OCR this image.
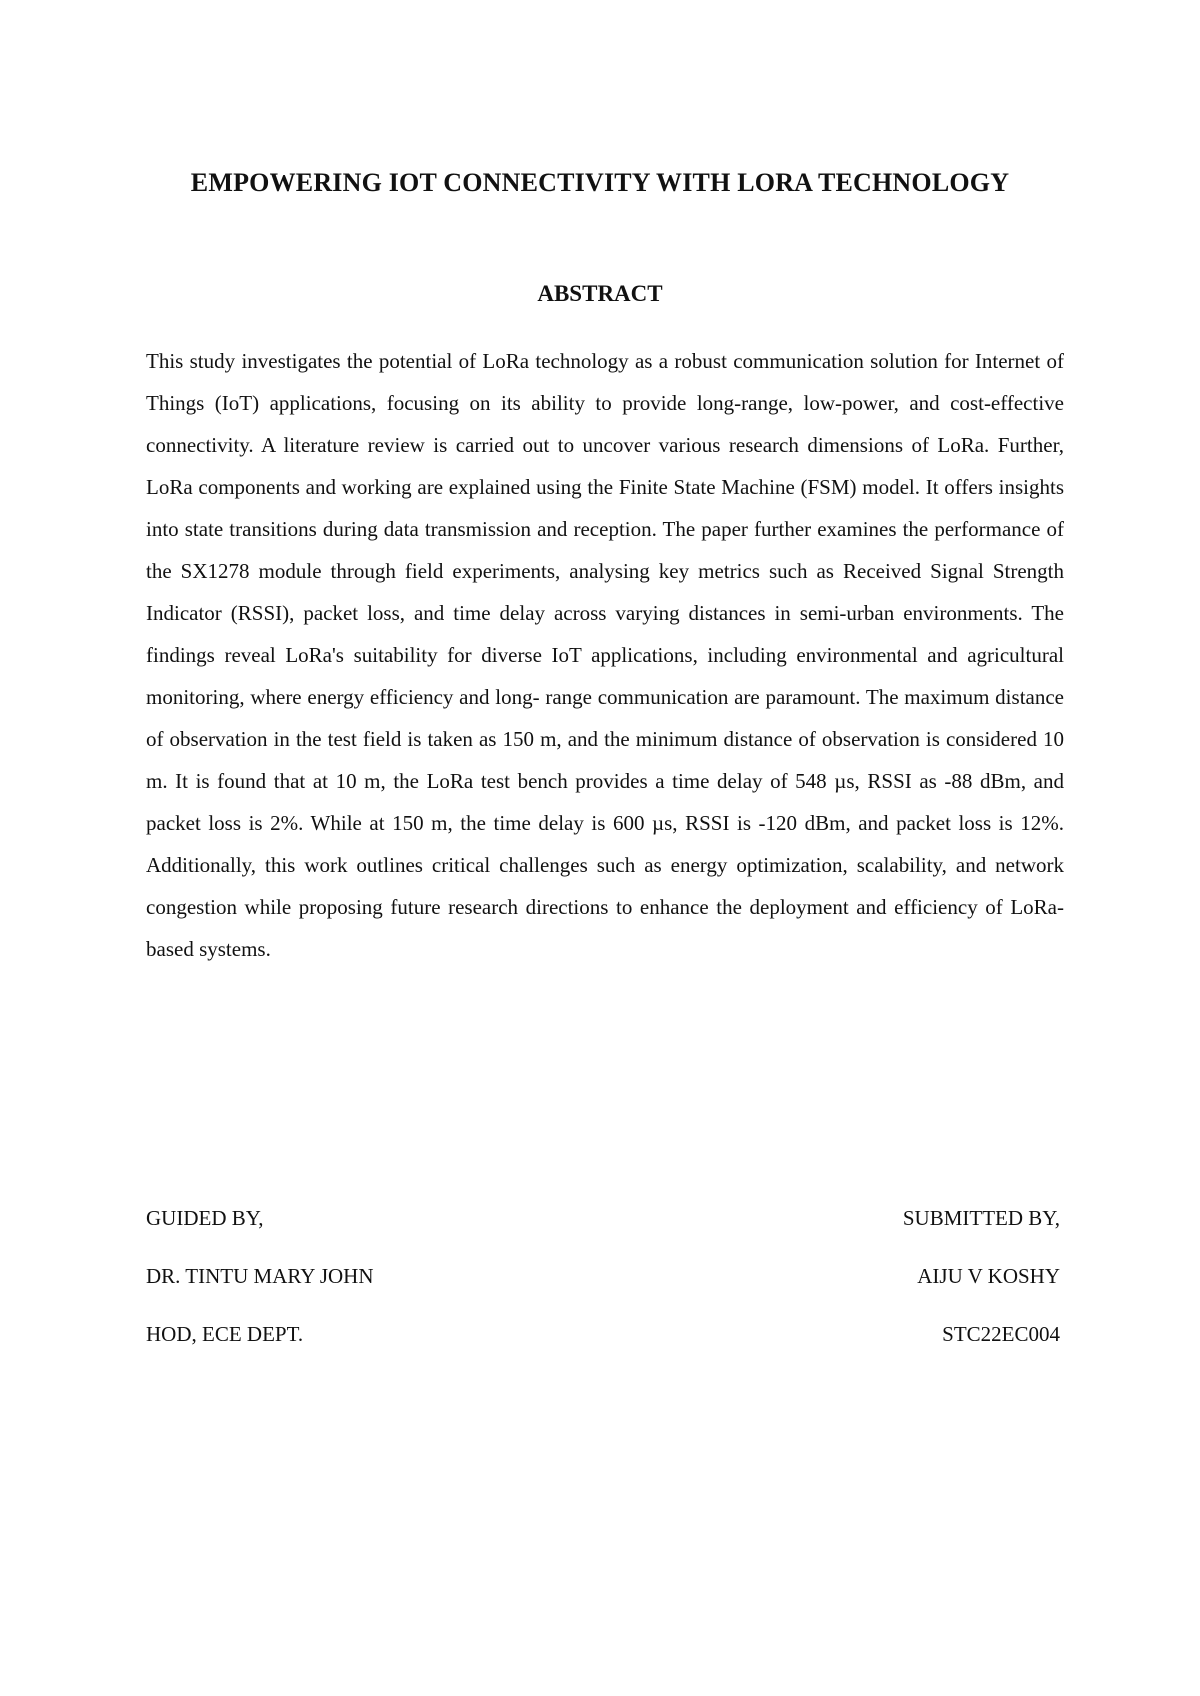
EMPOWERING IOT CONNECTIVITY WITH LORA TECHNOLOGY
ABSTRACT

This study investigates the potential of LoRa technology as a robust communication solution for Internet of Things (IoT) applications, focusing on its ability to provide long-range, low-power, and cost-effective connectivity. A literature review is carried out to uncover various research dimensions of LoRa. Further, LoRa components and working are explained using the Finite State Machine (FSM) model. It offers insights into state transitions during data transmission and reception. The paper further examines the performance of the SX1278 module through field experiments, analysing key metrics such as Received Signal Strength Indicator (RSSI), packet loss, and time delay across varying distances in semi-urban environments. The findings reveal LoRa's suitability for diverse IoT applications, including environmental and agricultural monitoring, where energy efficiency and long- range communication are paramount. The maximum distance of observation in the test field is taken as 150 m, and the minimum distance of observation is considered 10 m. It is found that at 10 m, the LoRa test bench provides a time delay of 548 µs, RSSI as -88 dBm, and packet loss is 2%. While at 150 m, the time delay is 600 µs, RSSI is -120 dBm, and packet loss is 12%. Additionally, this work outlines critical challenges such as energy optimization, scalability, and network congestion while proposing future research directions to enhance the deployment and efficiency of LoRa-based systems.

GUIDED BY,	SUBMITTED BY,
DR. TINTU MARY JOHN	AIJU V KOSHY
HOD, ECE DEPT.	STC22EC004
